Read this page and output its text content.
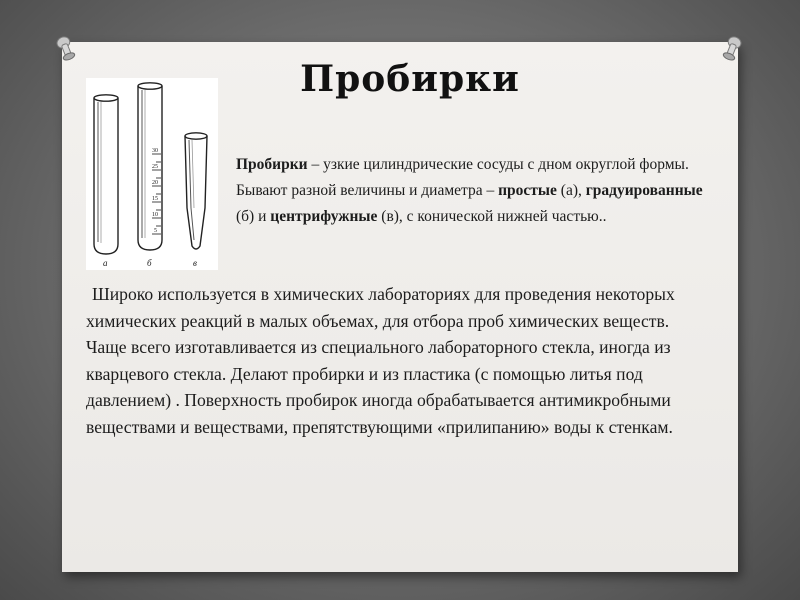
Пробирки
30
25
20
15
10
5
а	б	в
Пробирки – узкие цилиндрические сосуды с дном округлой формы. Бывают разной величины и диаметра – простые (а), градуированные (б) и центрифужные (в), с конической нижней частью..
Широко используется в химических лабораториях для проведения некоторых химических реакций в малых объемах, для отбора проб химических веществ. Чаще всего изготавливается из специального лабораторного стекла, иногда из кварцевого стекла. Делают пробирки и из пластика (с помощью литья под давлением) . Поверхность пробирок иногда обрабатывается антимикробными веществами и веществами, препятствующими «прилипанию» воды к стенкам.
